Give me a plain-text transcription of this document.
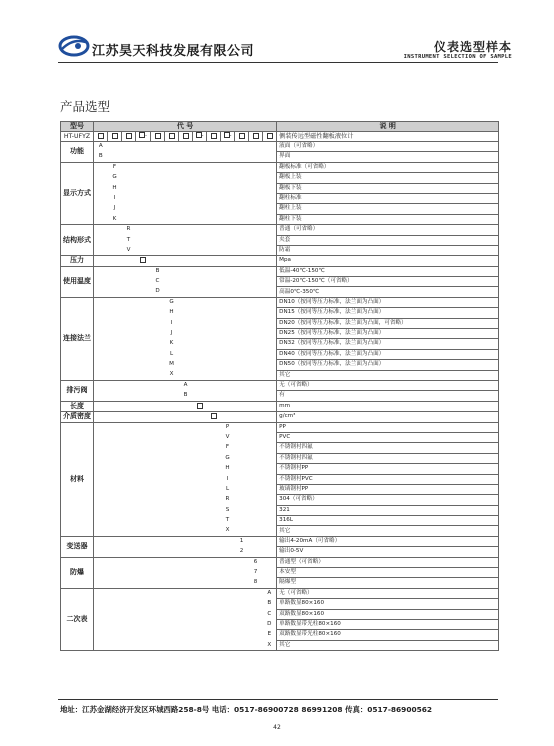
江苏昊天科技发展有限公司	仪表选型样本
INSTRUMENT SELECTION OF SAMPLE
产品选型
型号	代 号													说 明
HT-UFYZ				-				-		-				侧装传远型磁性翻板液位计
功能	A													液面（可省略）
	B													界面
显示方式		F												翻板标准（可省略）
		G												翻板上装
		H												翻板下装
		I												翻柱标准
		J												翻柱上装
		K												翻柱下装
结构形式			R											普通（可省略）
			T											夹套
			V											防霜
压力														Mpa
使用温度					B									低温-40℃-150℃
					C									常温-20℃-150℃（可省略）
					D									高温0℃-350℃
连接法兰						G								DN10（按同等压力标准，法兰面为凸面）
						H								DN15（按同等压力标准，法兰面为凸面）
						I								DN20（按同等压力标准，法兰面为凸面，可省略）
						J								DN25（按同等压力标准，法兰面为凸面）
						K								DN32（按同等压力标准，法兰面为凸面）
						L								DN40（按同等压力标准，法兰面为凸面）
						M								DN50（按同等压力标准，法兰面为凸面）
						X								其它
排污阀							A							无（可省略）
							B							有
长度														mm
介质密度														g/cm³
材料										P				PP
										V				PVC
										F				不锈钢衬四氟
										G				不锈钢衬四氟
										H				不锈钢衬PP
										I				不锈钢衬PVC
										L				玻璃钢衬PP
										R				304（可省略）
										S				321
										T				316L
										X				其它
变送器											1			输出4-20mA（可省略）
											2			输出0-5V
防爆												6		普通型（可省略）
												7		本安型
												8		隔爆型
二次表													A	无（可省略）
													B	单路数显80×160
													C	双路数显80×160
													D	单路数显带光柱80×160
													E	双路数显带光柱80×160
													X	其它
地址：江苏金湖经济开发区环城西路258-8号 电话：0517-86900728 86991208 传真：0517-86900562
42
